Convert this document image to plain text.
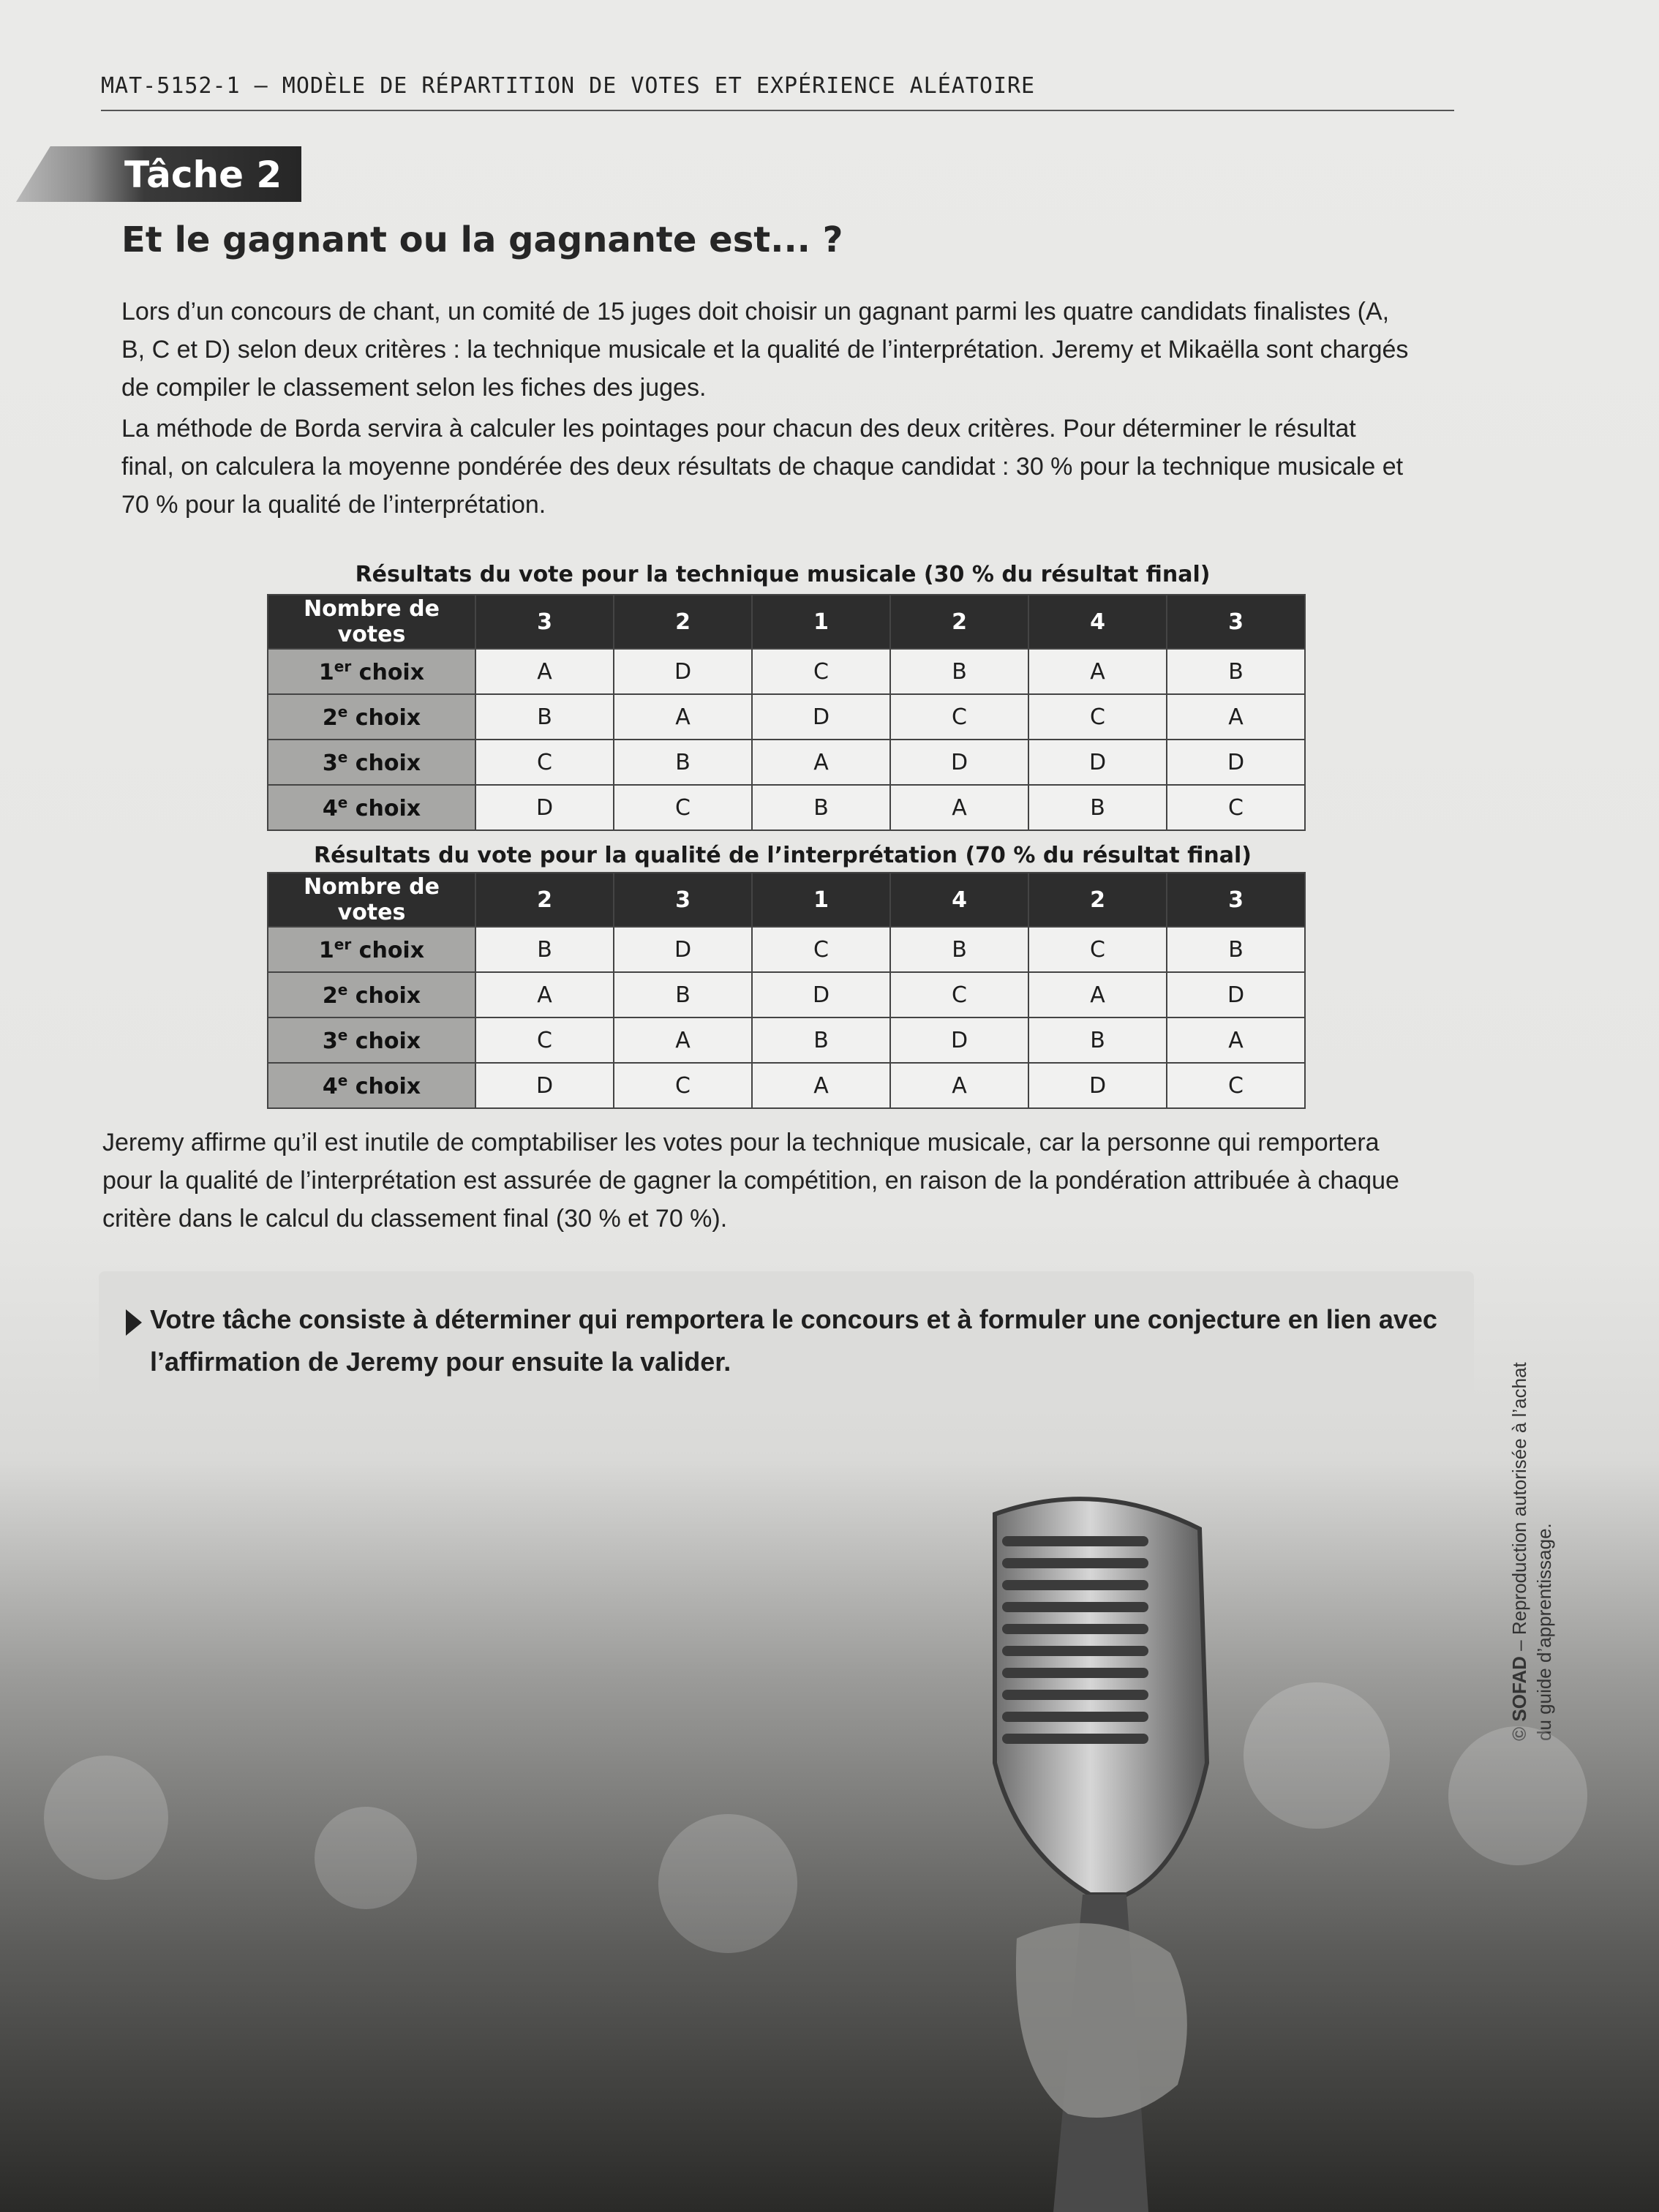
MAT-5152-1 — MODÈLE DE RÉPARTITION DE VOTES ET EXPÉRIENCE ALÉATOIRE
Tâche 2
Et le gagnant ou la gagnante est... ?
Lors d’un concours de chant, un comité de 15 juges doit choisir un gagnant parmi les quatre candidats finalistes (A, B, C et D) selon deux critères : la technique musicale et la qualité de l’interprétation. Jeremy et Mikaëlla sont chargés de compiler le classement selon les fiches des juges.
La méthode de Borda servira à calculer les pointages pour chacun des deux critères. Pour déterminer le résultat final, on calculera la moyenne pondérée des deux résultats de chaque candidat : 30 % pour la technique musicale et 70 % pour la qualité de l’interprétation.
Résultats du vote pour la technique musicale (30 % du résultat final)
Nombre de votes	3	2	1	2	4	3
1er choix	A	D	C	B	A	B
2e choix	B	A	D	C	C	A
3e choix	C	B	A	D	D	D
4e choix	D	C	B	A	B	C
Résultats du vote pour la qualité de l’interprétation (70 % du résultat final)
Nombre de votes	2	3	1	4	2	3
1er choix	B	D	C	B	C	B
2e choix	A	B	D	C	A	D
3e choix	C	A	B	D	B	A
4e choix	D	C	A	A	D	C
Jeremy affirme qu’il est inutile de comptabiliser les votes pour la technique musicale, car la personne qui remportera pour la qualité de l’interprétation est assurée de gagner la compétition, en raison de la pondération attribuée à chaque critère dans le calcul du classement final (30 % et 70 %).
Votre tâche consiste à déterminer qui remportera le concours et à formuler une conjecture en lien avec l’affirmation de Jeremy pour ensuite la valider.
© SOFAD – Reproduction autorisée à l’achat du guide d’apprentissage.
